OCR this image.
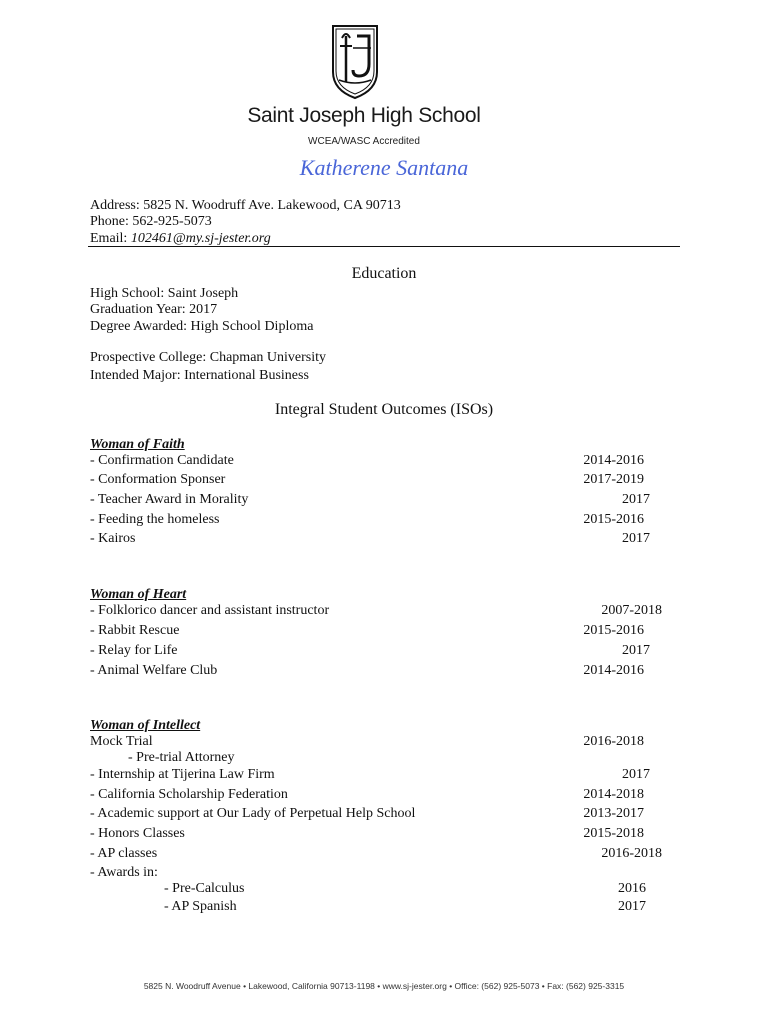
Saint Joseph High School
WCEA/WASC Accredited
Katherene Santana
Address: 5825 N. Woodruff Ave. Lakewood, CA 90713
Phone: 562-925-5073
Email: 102461@my.sj-jester.org
Education
High School: Saint Joseph
Graduation Year: 2017
Degree Awarded: High School Diploma
Prospective College: Chapman University
Intended Major: International Business
Integral Student Outcomes (ISOs)
Woman of Faith
- Confirmation Candidate	2014-2016
- Conformation Sponser	2017-2019
- Teacher Award in Morality	2017
- Feeding the homeless	2015-2016
- Kairos	2017
Woman of Heart
- Folklorico dancer and assistant instructor	2007-2018
- Rabbit Rescue	2015-2016
- Relay for Life	2017
- Animal Welfare Club	2014-2016
Woman of Intellect
Mock Trial	2016-2018
- Pre-trial Attorney
- Internship at Tijerina Law Firm	2017
- California Scholarship Federation	2014-2018
- Academic support at Our Lady of Perpetual Help School	2013-2017
- Honors Classes	2015-2018
- AP classes	2016-2018
- Awards in:
- Pre-Calculus	2016
- AP Spanish	2017
5825 N. Woodruff Avenue • Lakewood, California 90713-1198 • www.sj-jester.org • Office: (562) 925-5073 • Fax: (562) 925-3315
